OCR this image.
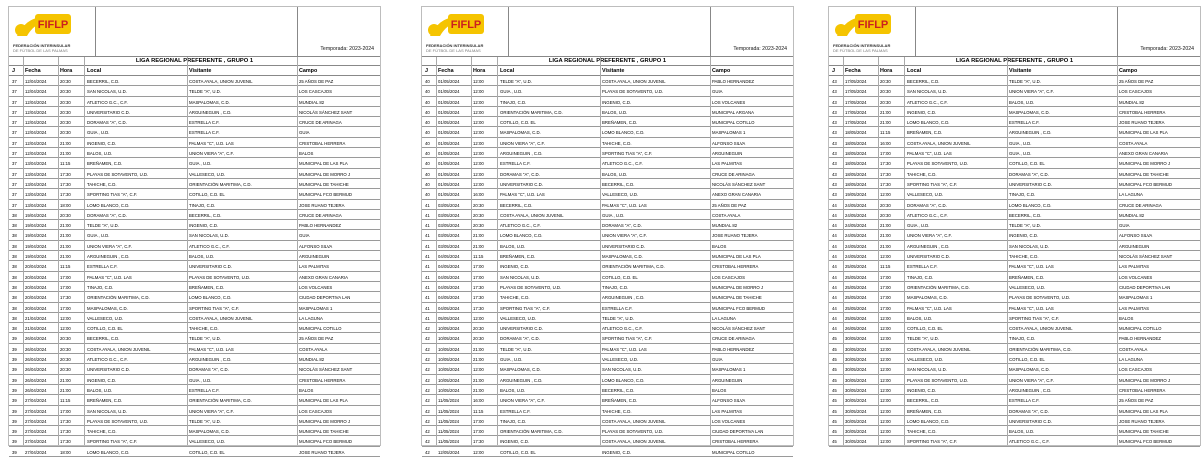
FIFLP
FEDERACIÓN INTERINSULAR
DE FÚTBOL DE LAS PALMAS	Temporada: 2023-2024
LIGA REGIONAL PREFERENTE , GRUPO 1
J	Fecha	Hora	Local	Visitante	Campo
37	12/04/2024	20:30	BECERRIL, C.D.	COSTA AYALA, UNION JUVENIL	25 AÑOS DE PAZ
37	12/04/2024	20:30	SAN NICOLAS, U.D.	TELDE "A", U.D.	LOS CASCAJOS
37	12/04/2024	20:30	ATLETICO G.C., C.F.	MASPALOMAS, C.D.	MUNDIAL 82
37	12/04/2024	20:30	UNIVERSITARIO C.D.	ARGUINEGUIN , C.D.	NICOLÁS SÁNCHEZ SANT
37	12/04/2024	20:30	DORAMAS "A", C.D.	ESTRELLA C.F.	CRUCE DE ARINAGA
37	12/04/2024	20:30	GUIA , U.D.	ESTRELLA C.F.	GUIA
37	12/04/2024	21:00	INGENIO, C.D.	PALMAS "C", U.D. LAS	CRISTOBAL HERRERA
37	12/04/2024	21:00	BALOS, U.D.	UNION VIERA "A", C.F.	BALOS
37	13/04/2024	11:15	BREÑAMEN, C.D.	GUIA , U.D.	MUNICIPAL DE LAS PLA
37	13/04/2024	17:30	PLAYAS DE SOTAVENTO, U.D.	VALLESECO, U.D.	MUNICIPAL DE MORRO J
37	13/04/2024	17:30	TAHICHE, C.D.	ORIENTACIÓN MARITIMA, C.D.	MUNICIPAL DE TAHICHE
37	13/04/2024	17:30	SPORTING TIAS "A", C.F.	COTILLO, C.D. EL	MUNICIPAL FCO BERMUD
37	13/04/2024	18:00	LOMO BLANCO, C.D.	TINAJO, C.D.	JOSE RUANO TEJERA
38	19/04/2024	20:30	DORAMAS "A", C.D.	BECERRIL, C.D.	CRUCE DE ARINAGA
38	19/04/2024	21:00	TELDE "A", U.D.	INGENIO, C.D.	PABLO HERNANDEZ
38	19/04/2024	21:00	GUIA , U.D.	SAN NICOLAS, U.D.	GUIA
38	19/04/2024	21:00	UNION VIERA "A", C.F.	ATLETICO G.C., C.F.	ALFONSO SILVA
38	19/04/2024	21:00	ARGUINEGUIN , C.D.	BALOS, U.D.	ARGUINEGUIN
38	20/04/2024	11:15	ESTRELLA C.F.	UNIVERSITARIO C.D.	LAS PALMITAS
38	20/04/2024	17:00	PALMAS "C", U.D. LAS	PLAYAS DE SOTAVENTO, U.D.	ANEXO GRAN CANARIA
38	20/04/2024	17:00	TINAJO, C.D.	BREÑAMEN, C.D.	LOS VOLCANES
38	20/04/2024	17:30	ORIENTACIÓN MARITIMA, C.D.	LOMO BLANCO, C.D.	CIUDAD DEPORTIVA LAN
38	20/04/2024	17:00	MASPALOMAS, C.D.	SPORTING TIAS "A", C.F.	MASPALOMAS 1
38	21/04/2024	12:00	VALLESECO, U.D.	COSTA AYALA, UNION JUVENIL	LA LAGUNA
38	21/04/2024	12:00	COTILLO, C.D. EL	TAHICHE, C.D.	MUNICIPAL COTILLO
39	26/04/2024	20:30	BECERRIL, C.D.	TELDE "A", U.D.	25 AÑOS DE PAZ
39	26/04/2024	20:30	COSTA AYALA, UNION JUVENIL	PALMAS "C", U.D. LAS	COSTA AYALA
39	26/04/2024	20:30	ATLETICO G.C., C.F.	ARGUINEGUIN , C.D.	MUNDIAL 82
39	26/04/2024	20:30	UNIVERSITARIO C.D.	DORAMAS "A", C.D.	NICOLÁS SÁNCHEZ SANT
39	26/04/2024	21:00	INGENIO, C.D.	GUIA , U.D.	CRISTOBAL HERRERA
39	26/04/2024	21:00	BALOS, U.D.	ESTRELLA C.F.	BALOS
39	27/04/2024	11:15	BREÑAMEN, C.D.	ORIENTACIÓN MARITIMA, C.D.	MUNICIPAL DE LAS PLA
39	27/04/2024	17:00	SAN NICOLAS, U.D.	UNION VIERA "A", C.F.	LOS CASCAJOS
39	27/04/2024	17:30	PLAYAS DE SOTAVENTO, U.D.	TELDE "A", U.D.	MUNICIPAL DE MORRO J
39	27/04/2024	17:30	TAHICHE, C.D.	MASPALOMAS, C.D.	MUNICIPAL DE TAHICHE
39	27/04/2024	17:30	SPORTING TIAS "A", C.F.	VALLESECO, U.D.	MUNICIPAL FCO BERMUD
39	27/04/2024	18:00	LOMO BLANCO, C.D.	COTILLO, C.D. EL	JOSE RUANO TEJERA
FIFLP
FEDERACIÓN INTERINSULAR
DE FÚTBOL DE LAS PALMAS	Temporada: 2023-2024
LIGA REGIONAL PREFERENTE , GRUPO 1
J	Fecha	Hora	Local	Visitante	Campo
40	01/05/2024	12:00	TELDE "A", U.D.	COSTA AYALA, UNION JUVENIL	PABLO HERNANDEZ
40	01/05/2024	12:00	GUIA , U.D.	PLAYAS DE SOTAVENTO, U.D.	GUIA
40	01/05/2024	12:00	TINAJO, C.D.	INGENIO, C.D.	LOS VOLCANES
40	01/05/2024	12:00	ORIENTACIÓN MARITIMA, C.D.	BALOS, U.D.	MUNICIPAL ARGANA
40	01/05/2024	12:00	COTILLO, C.D. EL	BREÑAMEN, C.D.	MUNICIPAL COTILLO
40	01/05/2024	12:00	MASPALOMAS, C.D.	LOMO BLANCO, C.D.	MASPALOMAS 1
40	01/05/2024	12:00	UNION VIERA "A", C.F.	TAHICHE, C.D.	ALFONSO SILVA
40	01/05/2024	12:00	ARGUINEGUIN , C.D.	SPORTING TIAS "A", C.F.	ARGUINEGUIN
40	01/05/2024	12:00	ESTRELLA C.F.	ATLETICO G.C., C.F.	LAS PALMITAS
40	01/05/2024	12:00	DORAMAS "A", C.D.	BALOS, U.D.	CRUCE DE ARINAGA
40	01/05/2024	12:00	UNIVERSITARIO C.D.	BECERRIL, C.D.	NICOLÁS SÁNCHEZ SANT
40	01/05/2024	16:00	PALMAS "C", U.D. LAS	VALLESECO, U.D.	ANEXO GRAN CANARIA
41	03/05/2024	20:30	BECERRIL, C.D.	PALMAS "C", U.D. LAS	25 AÑOS DE PAZ
41	03/05/2024	20:30	COSTA AYALA, UNION JUVENIL	GUIA , U.D.	COSTA AYALA
41	03/05/2024	20:30	ATLETICO G.C., C.F.	DORAMAS "A", C.D.	MUNDIAL 82
41	03/05/2024	21:00	LOMO BLANCO, C.D.	UNION VIERA "A", C.F.	JOSE RUANO TEJERA
41	03/05/2024	21:00	BALOS, U.D.	UNIVERSITARIO C.D.	BALOS
41	04/05/2024	11:15	BREÑAMEN, C.D.	MASPALOMAS, C.D.	MUNICIPAL DE LAS PLA
41	04/05/2024	17:00	INGENIO, C.D.	ORIENTACIÓN MARITIMA, C.D.	CRISTOBAL HERRERA
41	04/05/2024	17:00	SAN NICOLAS, U.D.	COTILLO, C.D. EL	LOS CASCAJOS
41	04/05/2024	17:30	PLAYAS DE SOTAVENTO, U.D.	TINAJO, C.D.	MUNICIPAL DE MORRO J
41	04/05/2024	17:30	TAHICHE, C.D.	ARGUINEGUIN , C.D.	MUNICIPAL DE TAHICHE
41	04/05/2024	17:30	SPORTING TIAS "A", C.F.	ESTRELLA C.F.	MUNICIPAL FCO BERMUD
41	05/05/2024	12:00	VALLESECO, U.D.	TELDE "A", U.D.	LA LAGUNA
42	10/05/2024	20:30	UNIVERSITARIO C.D.	ATLETICO G.C., C.F.	NICOLÁS SÁNCHEZ SANT
42	10/05/2024	20:30	DORAMAS "A", C.D.	SPORTING TIAS "A", C.F.	CRUCE DE ARINAGA
42	10/05/2024	21:00	TELDE "A", U.D.	PALMAS "C", U.D. LAS	PABLO HERNANDEZ
42	10/05/2024	21:00	GUIA , U.D.	VALLESECO, U.D.	GUIA
42	10/05/2024	12:00	MASPALOMAS, C.D.	SAN NICOLAS, U.D.	MASPALOMAS 1
42	10/05/2024	21:00	ARGUINEGUIN , C.D.	LOMO BLANCO, C.D.	ARGUINEGUIN
42	10/05/2024	21:00	BALOS, U.D.	BECERRIL, C.D.	BALOS
42	11/05/2024	16:00	UNION VIERA "A", C.F.	BREÑAMEN, C.D.	ALFONSO SILVA
42	11/05/2024	11:15	ESTRELLA C.F.	TAHICHE, C.D.	LAS PALMITAS
42	11/05/2024	17:00	TINAJO, C.D.	COSTA AYALA, UNION JUVENIL	LOS VOLCANES
42	11/05/2024	17:00	ORIENTACIÓN MARITIMA, C.D.	PLAYAS DE SOTAVENTO, U.D.	CIUDAD DEPORTIVA LAN
42	11/05/2024	17:30	INGENIO, C.D.	COSTA AYALA, UNION JUVENIL	CRISTOBAL HERRERA
42	12/05/2024	12:00	COTILLO, C.D. EL	INGENIO, C.D.	MUNICIPAL COTILLO
FIFLP
FEDERACIÓN INTERINSULAR
DE FÚTBOL DE LAS PALMAS	Temporada: 2023-2024
LIGA REGIONAL PREFERENTE , GRUPO 1
J	Fecha	Hora	Local	Visitante	Campo
43	17/05/2024	20:30	BECERRIL, C.D.	TELDE "A", U.D.	25 AÑOS DE PAZ
43	17/05/2024	20:30	SAN NICOLAS, U.D.	UNION VIERA "A", C.F.	LOS CASCAJOS
43	17/05/2024	20:30	ATLETICO G.C., C.F.	BALOS, U.D.	MUNDIAL 82
43	17/05/2024	21:00	INGENIO, C.D.	MASPALOMAS, C.D.	CRISTOBAL HERRERA
43	17/05/2024	21:00	LOMO BLANCO, C.D.	ESTRELLA C.F.	JOSE RUANO TEJERA
43	18/05/2024	11:15	BREÑAMEN, C.D.	ARGUINEGUIN , C.D.	MUNICIPAL DE LAS PLA
43	18/05/2024	16:00	COSTA AYALA, UNION JUVENIL	GUIA , U.D.	COSTA AYALA
43	18/05/2024	17:00	PALMAS "C", U.D. LAS	GUIA , U.D.	ANEXO GRAN CANARIA
43	18/05/2024	17:30	PLAYAS DE SOTAVENTO, U.D.	COTILLO, C.D. EL	MUNICIPAL DE MORRO J
43	18/05/2024	17:30	TAHICHE, C.D.	DORAMAS "A", C.D.	MUNICIPAL DE TAHICHE
43	18/05/2024	17:30	SPORTING TIAS "A", C.F.	UNIVERSITARIO C.D.	MUNICIPAL FCO BERMUD
43	19/05/2024	12:00	VALLESECO, U.D.	TINAJO, C.D.	LA LAGUNA
44	24/05/2024	20:30	DORAMAS "A", C.D.	LOMO BLANCO, C.D.	CRUCE DE ARINAGA
44	24/05/2024	20:30	ATLETICO G.C., C.F.	BECERRIL, C.D.	MUNDIAL 82
44	24/05/2024	21:00	GUIA , U.D.	TELDE "A", U.D.	GUIA
44	24/05/2024	21:00	UNION VIERA "A", C.F.	INGENIO, C.D.	ALFONSO SILVA
44	24/05/2024	21:00	ARGUINEGUIN , C.D.	SAN NICOLAS, U.D.	ARGUINEGUIN
44	24/05/2024	12:00	UNIVERSITARIO C.D.	TAHICHE, C.D.	NICOLÁS SÁNCHEZ SANT
44	25/05/2024	11:15	ESTRELLA C.F.	PALMAS "C", U.D. LAS	LAS PALMITAS
44	25/05/2024	17:00	TINAJO, C.D.	BREÑAMEN, C.D.	LOS VOLCANES
44	25/05/2024	17:00	ORIENTACIÓN MARITIMA, C.D.	VALLESECO, U.D.	CIUDAD DEPORTIVA LAN
44	25/05/2024	17:00	MASPALOMAS, C.D.	PLAYAS DE SOTAVENTO, U.D.	MASPALOMAS 1
44	25/05/2024	17:00	PALMAS "C", U.D. LAS	PALMAS "C", U.D. LAS	LAS PALMITAS
44	25/05/2024	12:00	BALOS, U.D.	SPORTING TIAS "A", C.F.	BALOS
44	26/05/2024	12:00	COTILLO, C.D. EL	COSTA AYALA, UNION JUVENIL	MUNICIPAL COTILLO
45	30/05/2024	12:00	TELDE "A", U.D.	TINAJO, C.D.	PABLO HERNANDEZ
45	30/05/2024	12:00	COSTA AYALA, UNION JUVENIL	ORIENTACIÓN MARITIMA, C.D.	COSTA AYALA
45	30/05/2024	12:00	VALLESECO, U.D.	COTILLO, C.D. EL	LA LAGUNA
45	30/05/2024	12:00	SAN NICOLAS, U.D.	MASPALOMAS, C.D.	LOS CASCAJOS
45	30/05/2024	12:00	PLAYAS DE SOTAVENTO, U.D.	UNION VIERA "A", C.F.	MUNICIPAL DE MORRO J
45	30/05/2024	12:00	INGENIO, C.D.	ARGUINEGUIN , C.D.	CRISTOBAL HERRERA
45	30/05/2024	12:00	BECERRIL, C.D.	ESTRELLA C.F.	25 AÑOS DE PAZ
45	30/05/2024	12:00	BREÑAMEN, C.D.	DORAMAS "A", C.D.	MUNICIPAL DE LAS PLA
45	30/05/2024	12:00	LOMO BLANCO, C.D.	UNIVERSITARIO C.D.	JOSE RUANO TEJERA
45	30/05/2024	12:00	TAHICHE, C.D.	BALOS, U.D.	MUNICIPAL DE TAHICHE
45	30/05/2024	12:00	SPORTING TIAS "A", C.F.	ATLETICO G.C., C.F.	MUNICIPAL FCO BERMUD
